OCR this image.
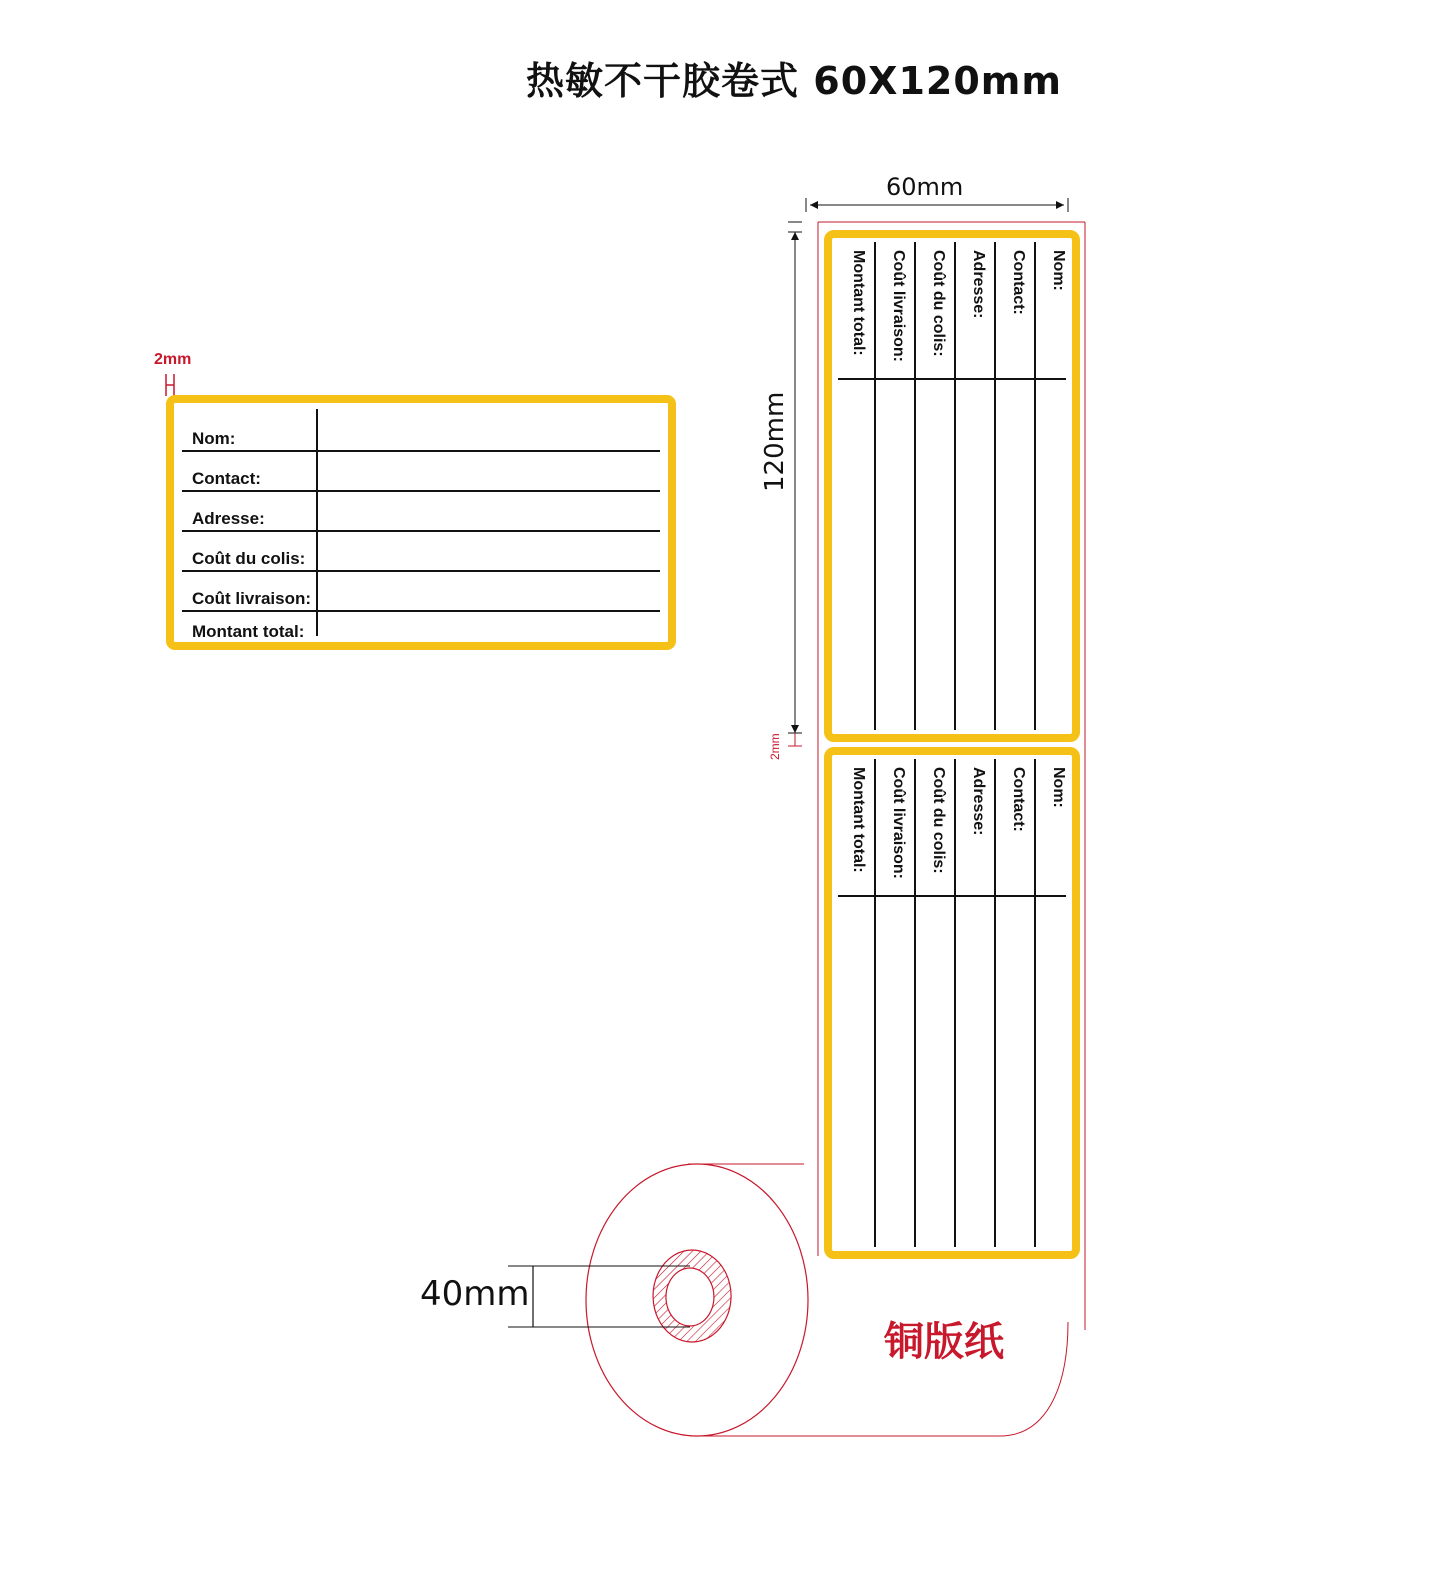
热敏不干胶卷式 60X120mm
2mm
Nom:
Contact:
Adresse:
Coût du colis:
Coût livraison:
Montant total:
60mm
120mm
2mm
40mm
铜版纸
Nom:
Contact:
Adresse:
Coût du colis:
Coût livraison:
Montant total:
Nom:
Contact:
Adresse:
Coût du colis:
Coût livraison:
Montant total:
